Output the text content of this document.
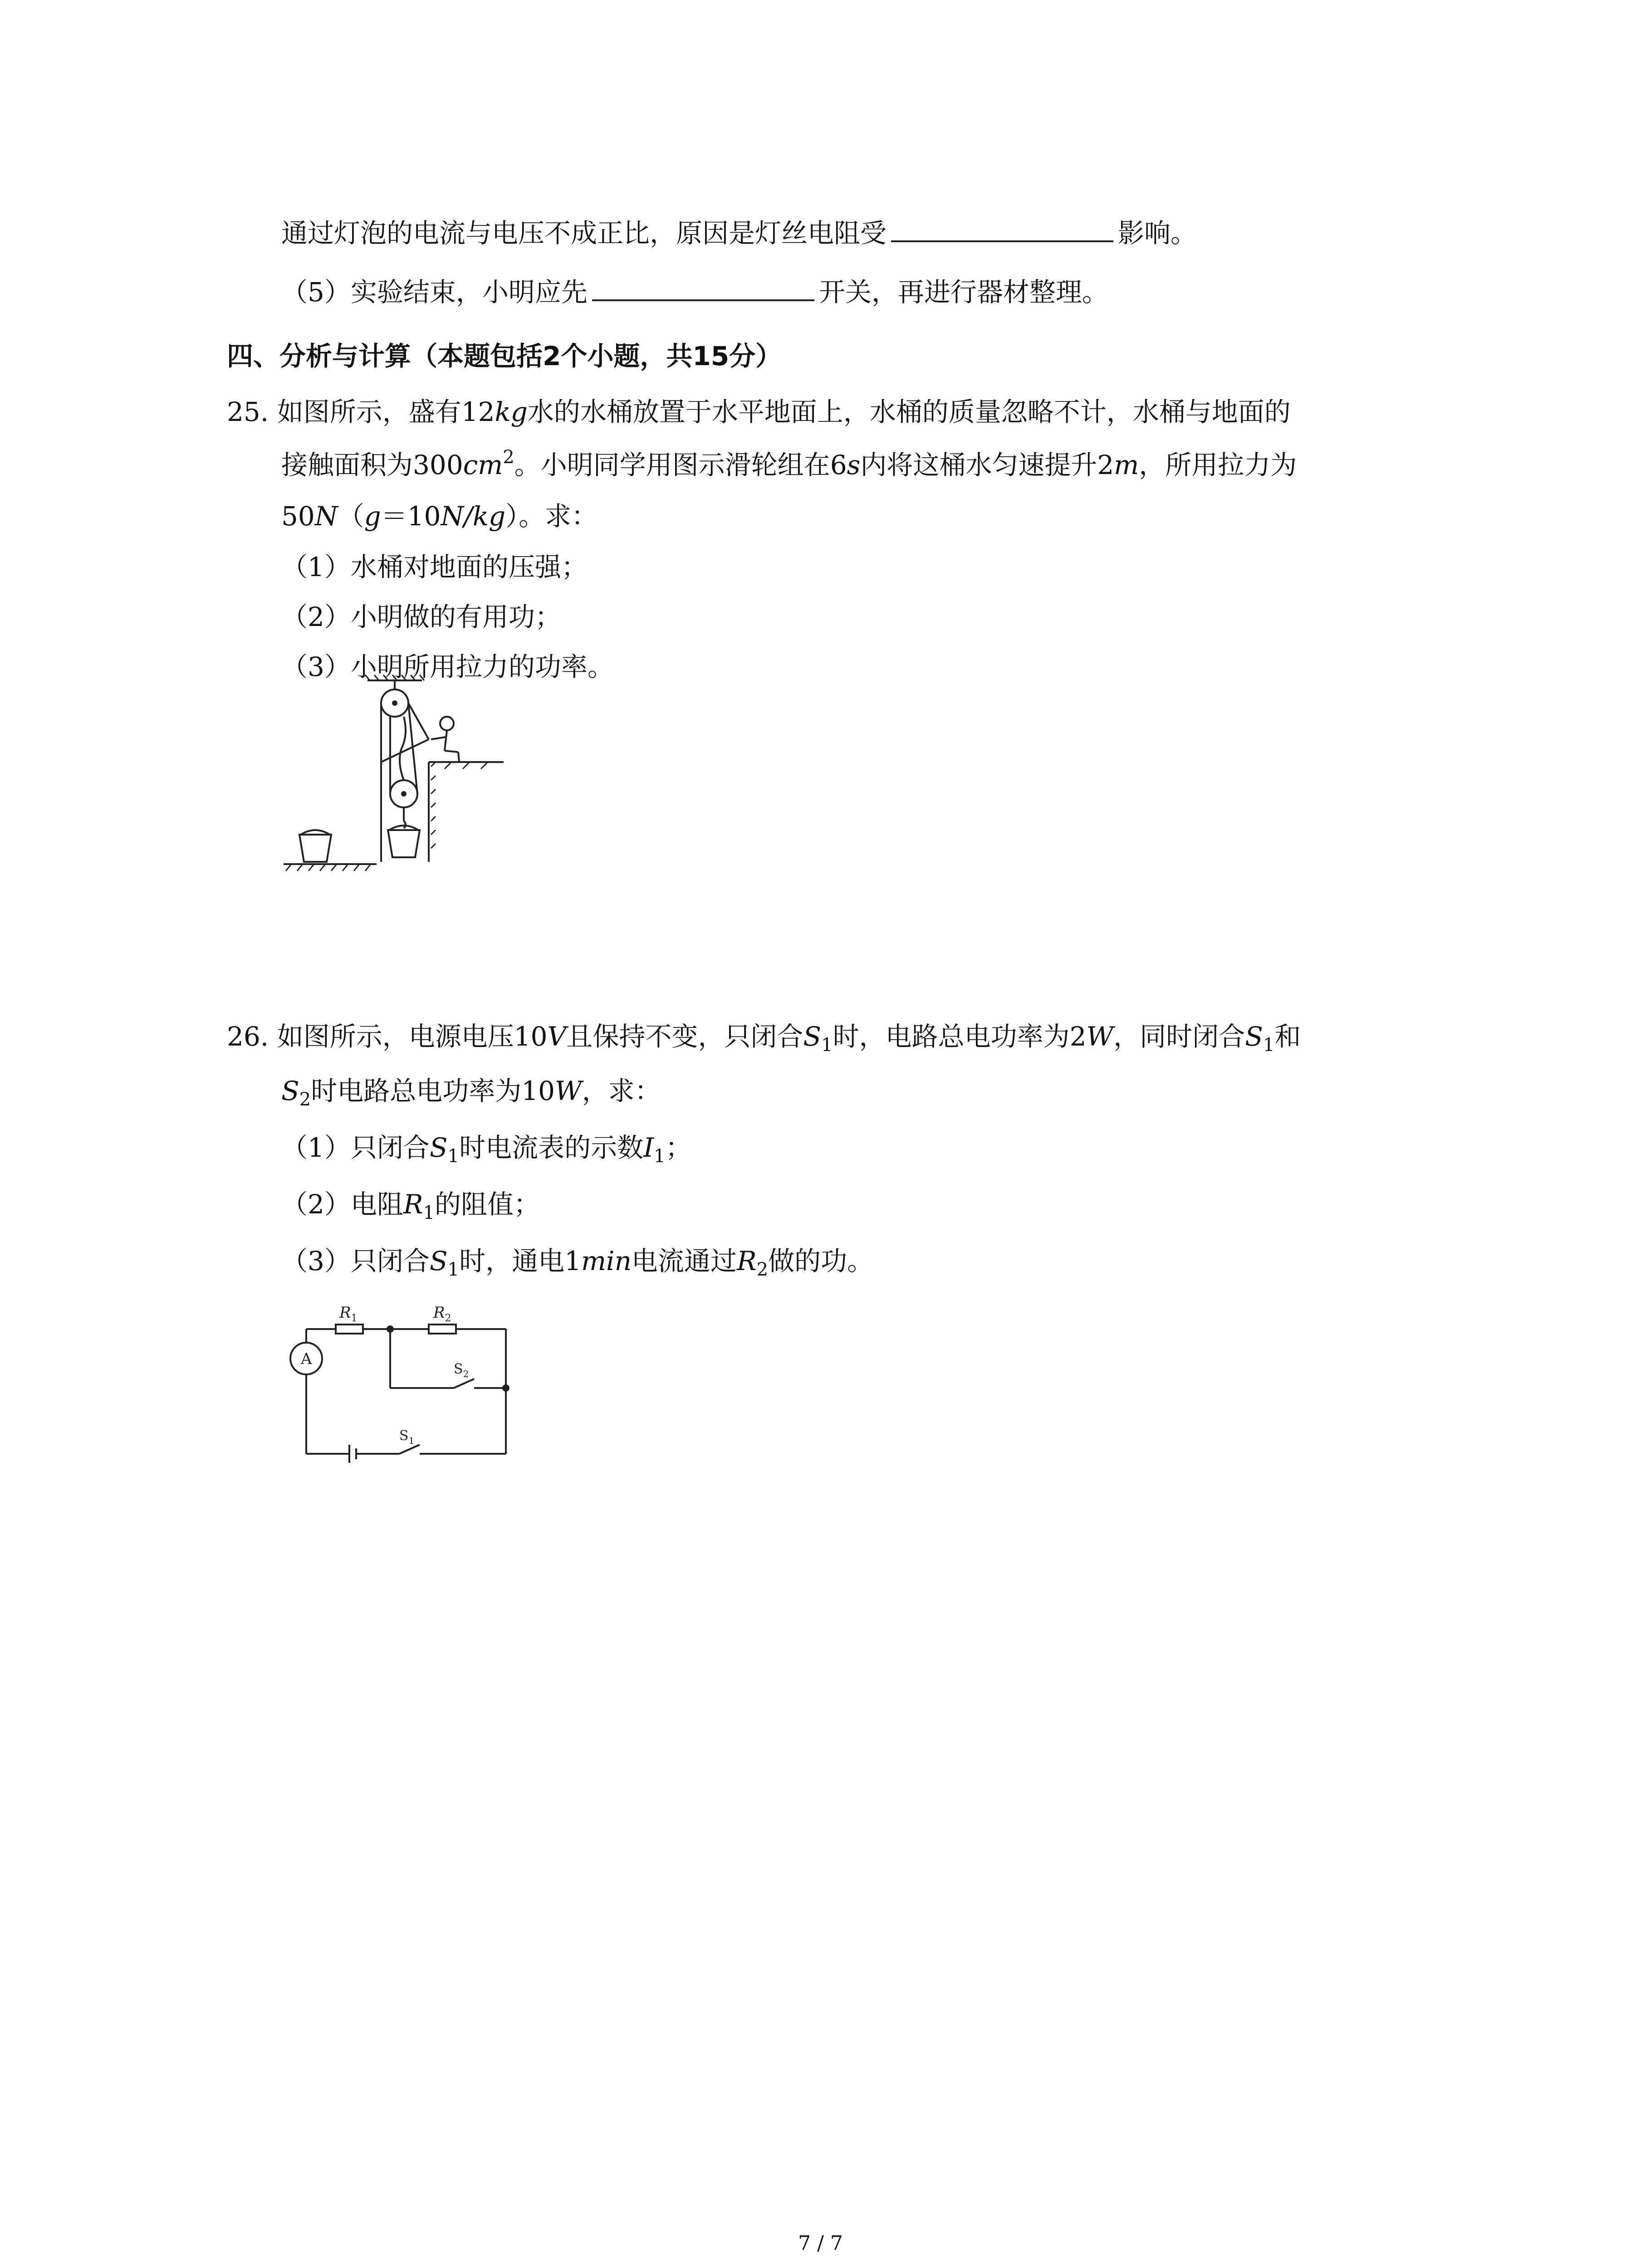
通过灯泡的电流与电压不成正比，原因是灯丝电阻受	影响。
（5）实验结束，小明应先	开关，再进行器材整理。
四、分析与计算（本题包括2个小题，共15分）
25. 如图所示，盛有12kg水的水桶放置于水平地面上，水桶的质量忽略不计，水桶与地面的
接触面积为$300cm^2$。小明同学用图示滑轮组在6s内将这桶水匀速提升2m，所用拉力为
50N（g＝10N/kg）。求：
（1）水桶对地面的压强；
（2）小明做的有用功；
（3）小明所用拉力的功率。
26. 如图所示，电源电压10V且保持不变，只闭合$S_1$时，电路总电功率为2W，同时闭合$S_1$和
$S_2$时电路总电功率为10W，求：
（1）只闭合$S_1$时电流表的示数$I_1$；
（2）电阻$R_1$的阻值；
（3）只闭合$S_1$时，通电1min电流通过$R_2$做的功。
$R_1$	$R_2$
$S_2$
$S_1$
A
7 / 7
